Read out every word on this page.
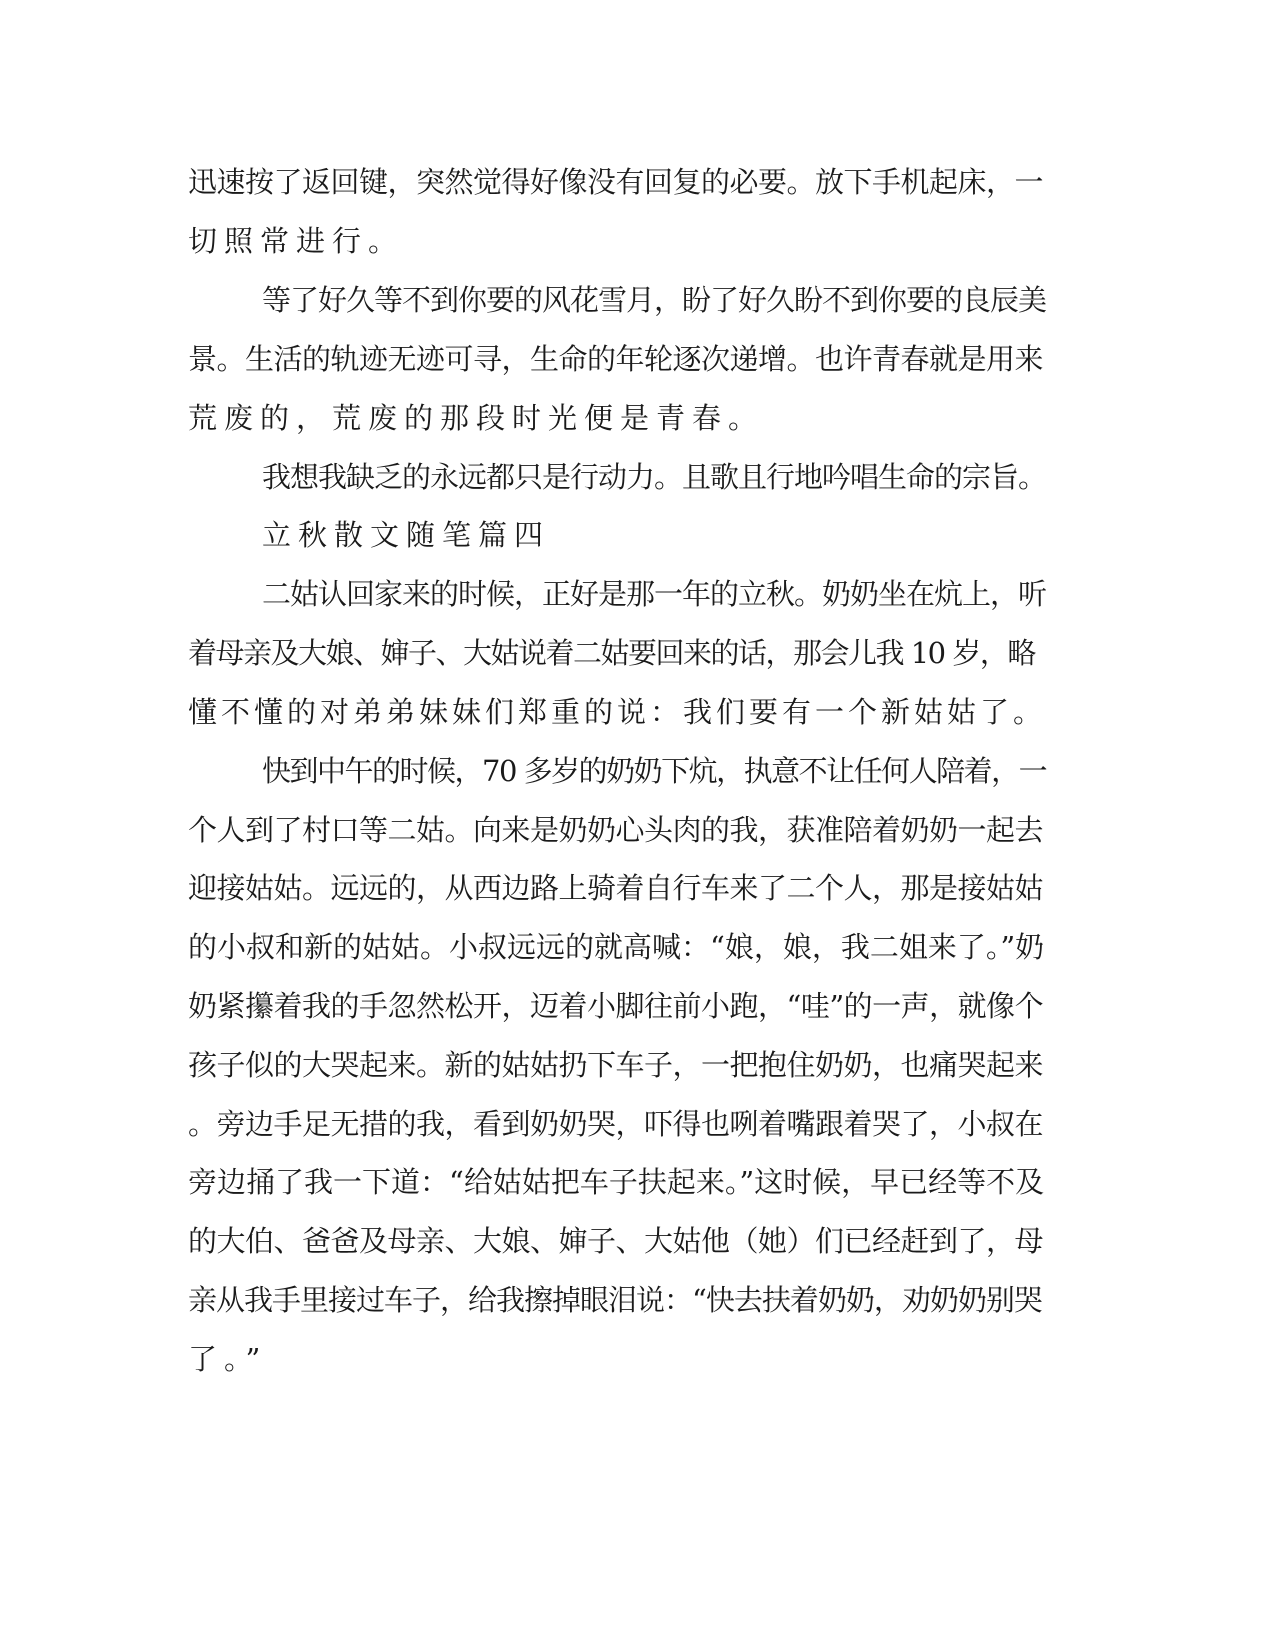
迅速按了返回键，突然觉得好像没有回复的必要。放下手机起床，一

切照常进行。

等了好久等不到你要的风花雪月，盼了好久盼不到你要的良辰美

景。生活的轨迹无迹可寻，生命的年轮逐次递增。也许青春就是用来

荒废的，荒废的那段时光便是青春。

我想我缺乏的永远都只是行动力。且歌且行地吟唱生命的宗旨。

立秋散文随笔篇四

二姑认回家来的时候，正好是那一年的立秋。奶奶坐在炕上，听

着母亲及大娘、婶子、大姑说着二姑要回来的话，那会儿我 10 岁，略

懂不懂的对弟弟妹妹们郑重的说：我们要有一个新姑姑了。

快到中午的时候，70 多岁的奶奶下炕，执意不让任何人陪着，一

个人到了村口等二姑。向来是奶奶心头肉的我，获准陪着奶奶一起去

迎接姑姑。远远的，从西边路上骑着自行车来了二个人，那是接姑姑

的小叔和新的姑姑。小叔远远的就高喊：“娘，娘，我二姐来了。”奶

奶紧攥着我的手忽然松开，迈着小脚往前小跑，“哇”的一声，就像个

孩子似的大哭起来。新的姑姑扔下车子，一把抱住奶奶，也痛哭起来

。旁边手足无措的我，看到奶奶哭，吓得也咧着嘴跟着哭了，小叔在

旁边捅了我一下道：“给姑姑把车子扶起来。”这时候，早已经等不及

的大伯、爸爸及母亲、大娘、婶子、大姑他（她）们已经赶到了，母

亲从我手里接过车子，给我擦掉眼泪说：“快去扶着奶奶，劝奶奶别哭

了。”
